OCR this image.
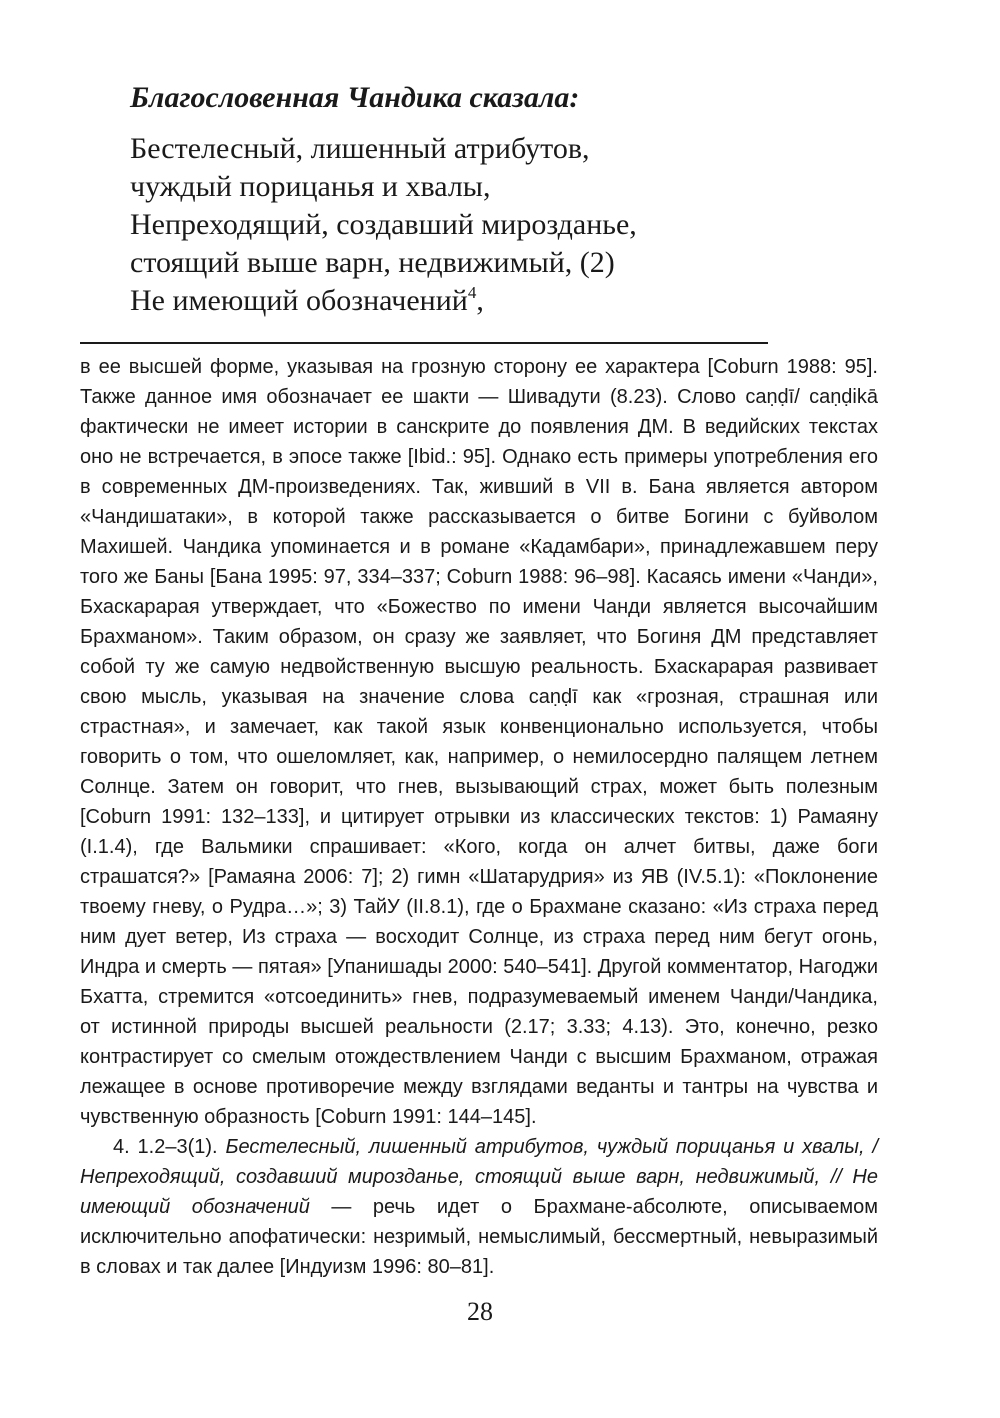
Благословенная Чандика сказала:
Бестелесный, лишенный атрибутов,
чуждый порицанья и хвалы,
Непреходящий, создавший мирозданье,
стоящий выше варн, недвижимый, (2)
Не имеющий обозначений$^4$,

в ее высшей форме, указывая на грозную сторону ее характера [Coburn 1988: 95]. Также данное имя обозначает ее шакти — Шивадути (8.23). Слово caṇḍī/ caṇḍikā фактически не имеет истории в санскрите до появления ДМ. В ведийских текстах оно не встречается, в эпосе также [Ibid.: 95]. Однако есть примеры употребления его в современных ДМ-произведениях. Так, живший в VII в. Бана является автором «Чандишатаки», в которой также рассказывается о битве Богини с буйволом Махишей. Чандика упоминается и в романе «Кадамбари», принадлежавшем перу того же Баны [Бана 1995: 97, 334–337; Coburn 1988: 96–98]. Касаясь имени «Чанди», Бхаскарарая утверждает, что «Божество по имени Чанди является высочайшим Брахманом». Таким образом, он сразу же заявляет, что Богиня ДМ представляет собой ту же самую недвойственную высшую реальность. Бхаскарарая развивает свою мысль, указывая на значение слова caṇḍī как «грозная, страшная или страстная», и замечает, как такой язык конвенционально используется, чтобы говорить о том, что ошеломляет, как, например, о немилосердно палящем летнем Солнце. Затем он говорит, что гнев, вызывающий страх, может быть полезным [Coburn 1991: 132–133], и цитирует отрывки из классических текстов: 1) Рамаяну (I.1.4), где Вальмики спрашивает: «Кого, когда он алчет битвы, даже боги страшатся?» [Рамаяна 2006: 7]; 2) гимн «Шатарудрия» из ЯВ (IV.5.1): «Поклонение твоему гневу, о Рудра…»; 3) ТайУ (II.8.1), где о Брахмане сказано: «Из страха перед ним дует ветер, Из страха — восходит Солнце, из страха перед ним бегут огонь, Индра и смерть — пятая» [Упанишады 2000: 540–541]. Другой комментатор, Нагоджи Бхатта, стремится «отсоединить» гнев, подразумеваемый именем Чанди/Чандика, от истинной природы высшей реальности (2.17; 3.33; 4.13). Это, конечно, резко контрастирует со смелым отождествлением Чанди с высшим Брахманом, отражая лежащее в основе противоречие между взглядами веданты и тантры на чувства и чувственную образность [Coburn 1991: 144–145].

4. 1.2–3(1). Бестелесный, лишенный атрибутов, чуждый порицанья и хвалы, / Непреходящий, создавший мирозданье, стоящий выше варн, недвижимый, // Не имеющий обозначений — речь идет о Брахмане-абсолюте, описываемом исключительно апофатически: незримый, немыслимый, бессмертный, невыразимый в словах и так далее [Индуизм 1996: 80–81].

28
